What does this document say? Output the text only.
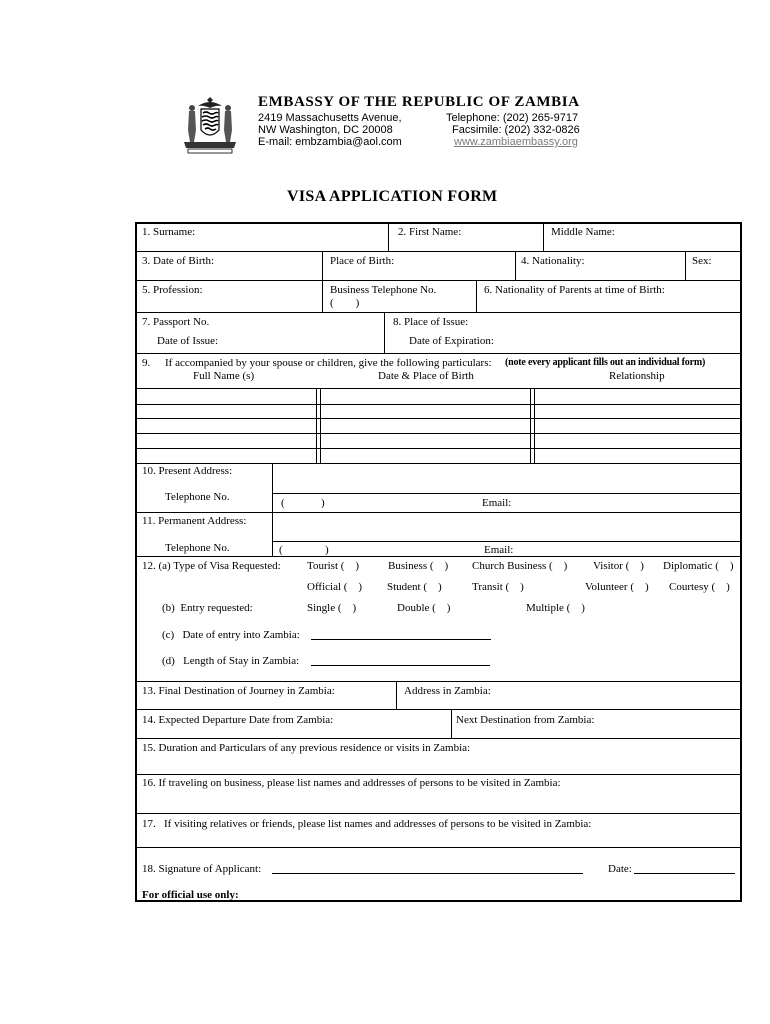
EMBASSY OF THE REPUBLIC OF ZAMBIA
2419 Massachusetts Avenue,
NW Washington, DC 20008
E-mail: embzambia@aol.com
Telephone: (202) 265-9717
Facsimile: (202) 332-0826
www.zambiaembassy.org
VISA APPLICATION FORM
1. Surname:	2. First Name:	Middle Name:
3. Date of Birth:	Place of Birth:	4. Nationality:	Sex:
5. Profession:	Business Telephone No.
(        )
6. Nationality of Parents at time of Birth:
7. Passport No.
Date of Issue:
8. Place of Issue:
Date of Expiration:
9. If accompanied by your spouse or children, give the following particulars: (note every applicant fills out an individual form)
Full Name (s)	Date & Place of Birth	Relationship
10. Present Address:
Telephone No.	(	)	Email:
11. Permanent Address:
Telephone No.	(	)	Email:
12. (a) Type of Visa Requested: Tourist (    )	Business (    ) Church Business (    ) Visitor (    ) Diplomatic (    )
Official (    ) Student (    )	Transit (    )	Volunteer (    ) Courtesy (    )
(b)  Entry requested:	Single (    )	Double (    )	Multiple (    )
(c)   Date of entry into Zambia:
(d)   Length of Stay in Zambia:
13. Final Destination of Journey in Zambia:	Address in Zambia:
14. Expected Departure Date from Zambia:	Next Destination from Zambia:
15. Duration and Particulars of any previous residence or visits in Zambia:
16. If traveling on business, please list names and addresses of persons to be visited in Zambia:
17.   If visiting relatives or friends, please list names and addresses of persons to be visited in Zambia:
18. Signature of Applicant:	Date:
For official use only:
